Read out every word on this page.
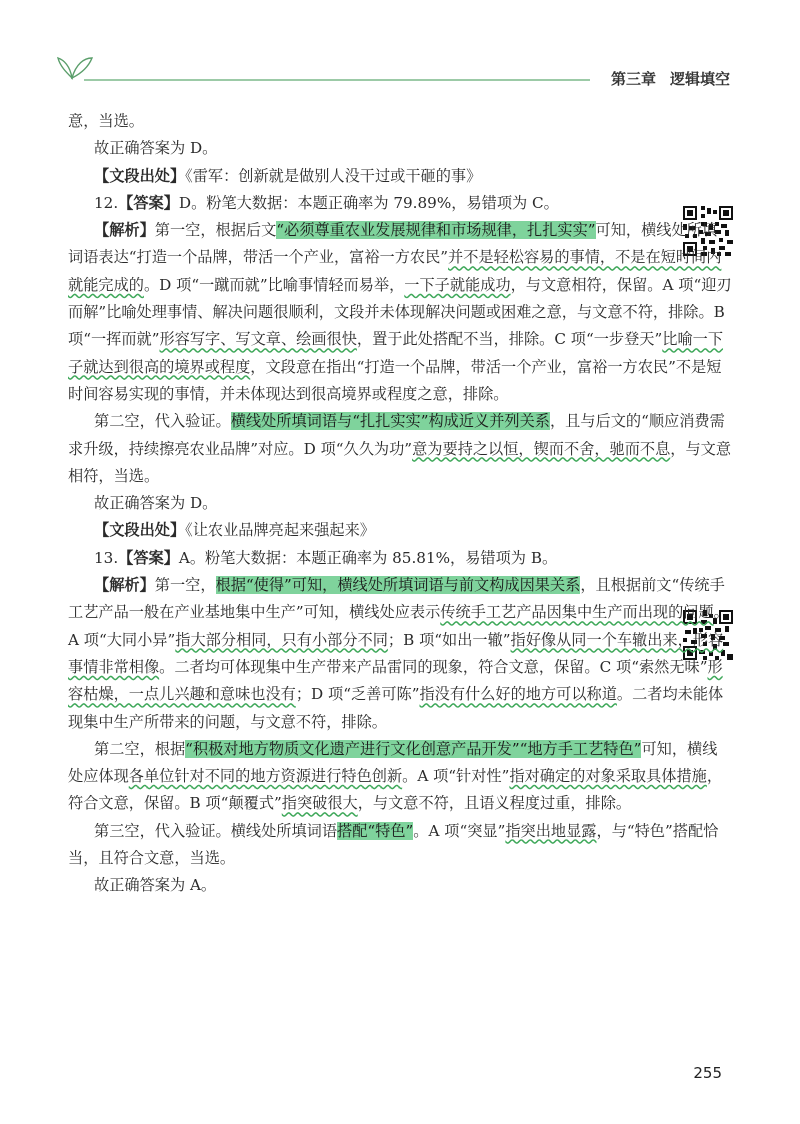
第三章 逻辑填空

意，当选。

故正确答案为 D。

【文段出处】《雷军：创新就是做别人没干过或干砸的事》

12.【答案】D。粉笔大数据：本题正确率为 79.89%，易错项为 C。

【解析】第一空，根据后文“必须尊重农业发展规律和市场规律，扎扎实实”可知，横线处所填词语表达“打造一个品牌，带活一个产业，富裕一方农民”并不是轻松容易的事情，不是在短时间内就能完成的。D 项“一蹴而就”比喻事情轻而易举，一下子就能成功，与文意相符，保留。A 项“迎刃而解”比喻处理事情、解决问题很顺利，文段并未体现解决问题或困难之意，与文意不符，排除。B 项“一挥而就”形容写字、写文章、绘画很快，置于此处搭配不当，排除。C 项“一步登天”比喻一下子就达到很高的境界或程度，文段意在指出“打造一个品牌，带活一个产业，富裕一方农民”不是短时间容易实现的事情，并未体现达到很高境界或程度之意，排除。

第二空，代入验证。横线处所填词语与“扎扎实实”构成近义并列关系，且与后文的“顺应消费需求升级，持续擦亮农业品牌”对应。D 项“久久为功”意为要持之以恒，锲而不舍，驰而不息，与文意相符，当选。

故正确答案为 D。

【文段出处】《让农业品牌亮起来强起来》

13.【答案】A。粉笔大数据：本题正确率为 85.81%，易错项为 B。

【解析】第一空，根据“使得”可知，横线处所填词语与前文构成因果关系，且根据前文“传统手工艺产品一般在产业基地集中生产”可知，横线处应表示传统手工艺产品因集中生产而出现的问题。A 项“大同小异”指大部分相同，只有小部分不同；B 项“如出一辙”指好像从同一个车辙出来，形容事情非常相像。二者均可体现集中生产带来产品雷同的现象，符合文意，保留。C 项“索然无味”形容枯燥，一点儿兴趣和意味也没有；D 项“乏善可陈”指没有什么好的地方可以称道。二者均未能体现集中生产所带来的问题，与文意不符，排除。

第二空，根据“积极对地方物质文化遗产进行文化创意产品开发”“地方手工艺特色”可知，横线处应体现各单位针对不同的地方资源进行特色创新。A 项“针对性”指对确定的对象采取具体措施，符合文意，保留。B 项“颠覆式”指突破很大，与文意不符，且语义程度过重，排除。

第三空，代入验证。横线处所填词语搭配“特色”。A 项“突显”指突出地显露，与“特色”搭配恰当，且符合文意，当选。

故正确答案为 A。

255
